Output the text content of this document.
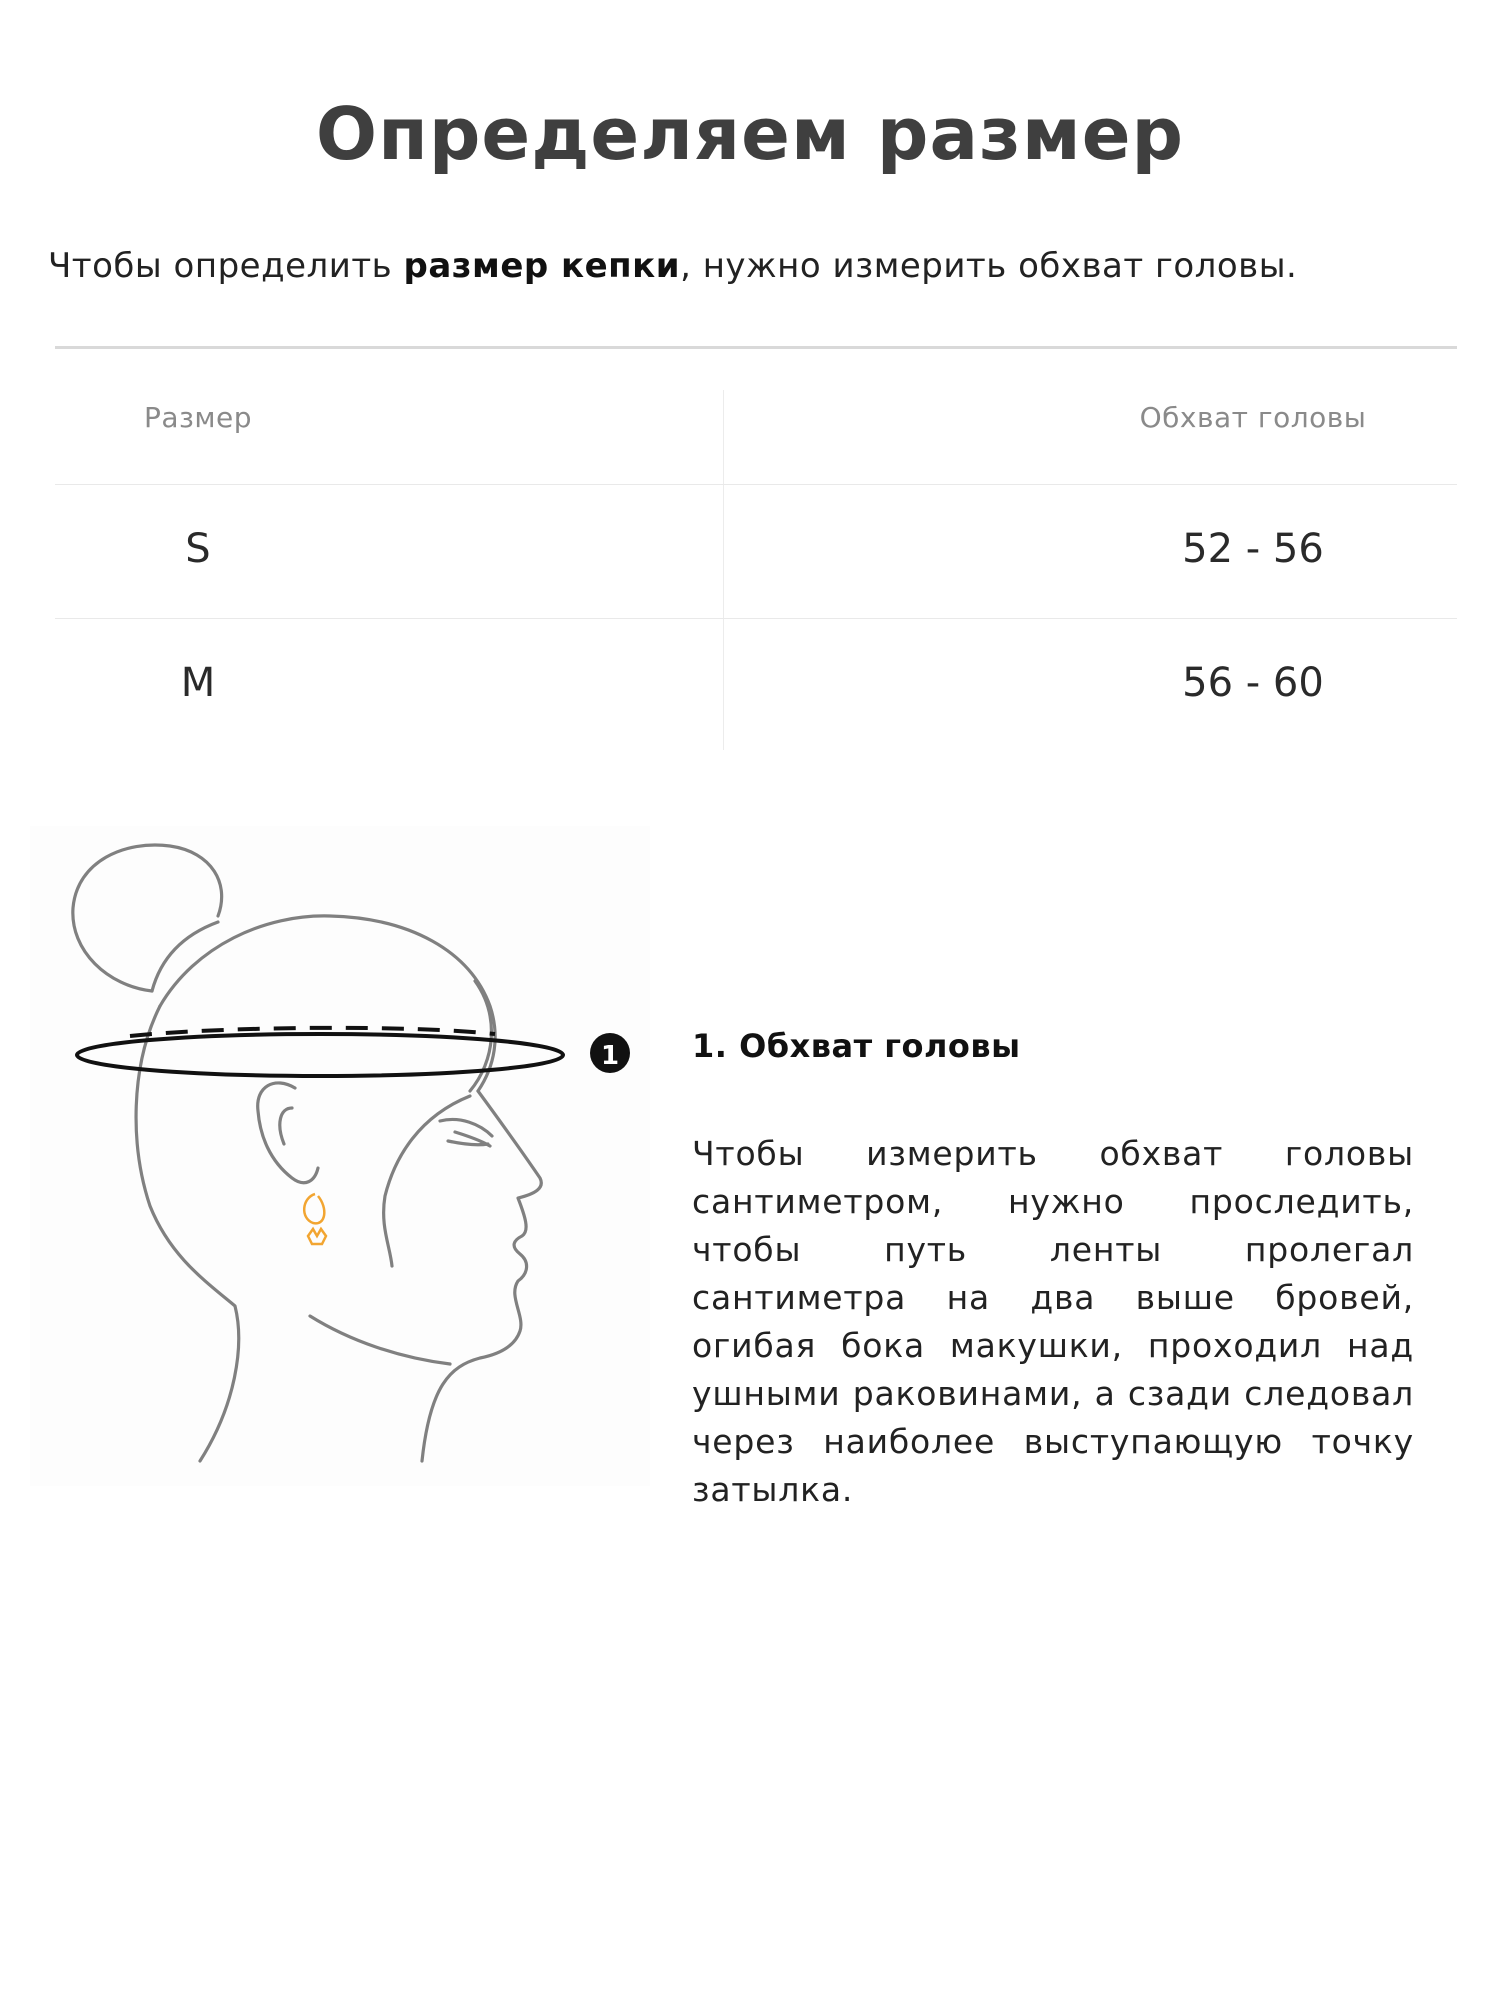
Определяем размер

Чтобы определить размер кепки, нужно измерить обхват головы.

Размер	Обхват головы
S	52 - 56
M	56 - 60
1 1. Обхват головы

Чтобы измерить обхват головы сантиметром, нужно проследить, чтобы путь ленты пролегал сантиметра на два выше бровей, огибая бока макушки, проходил над ушными раковинами, а сзади следовал через наиболее выступающую точку затылка.
